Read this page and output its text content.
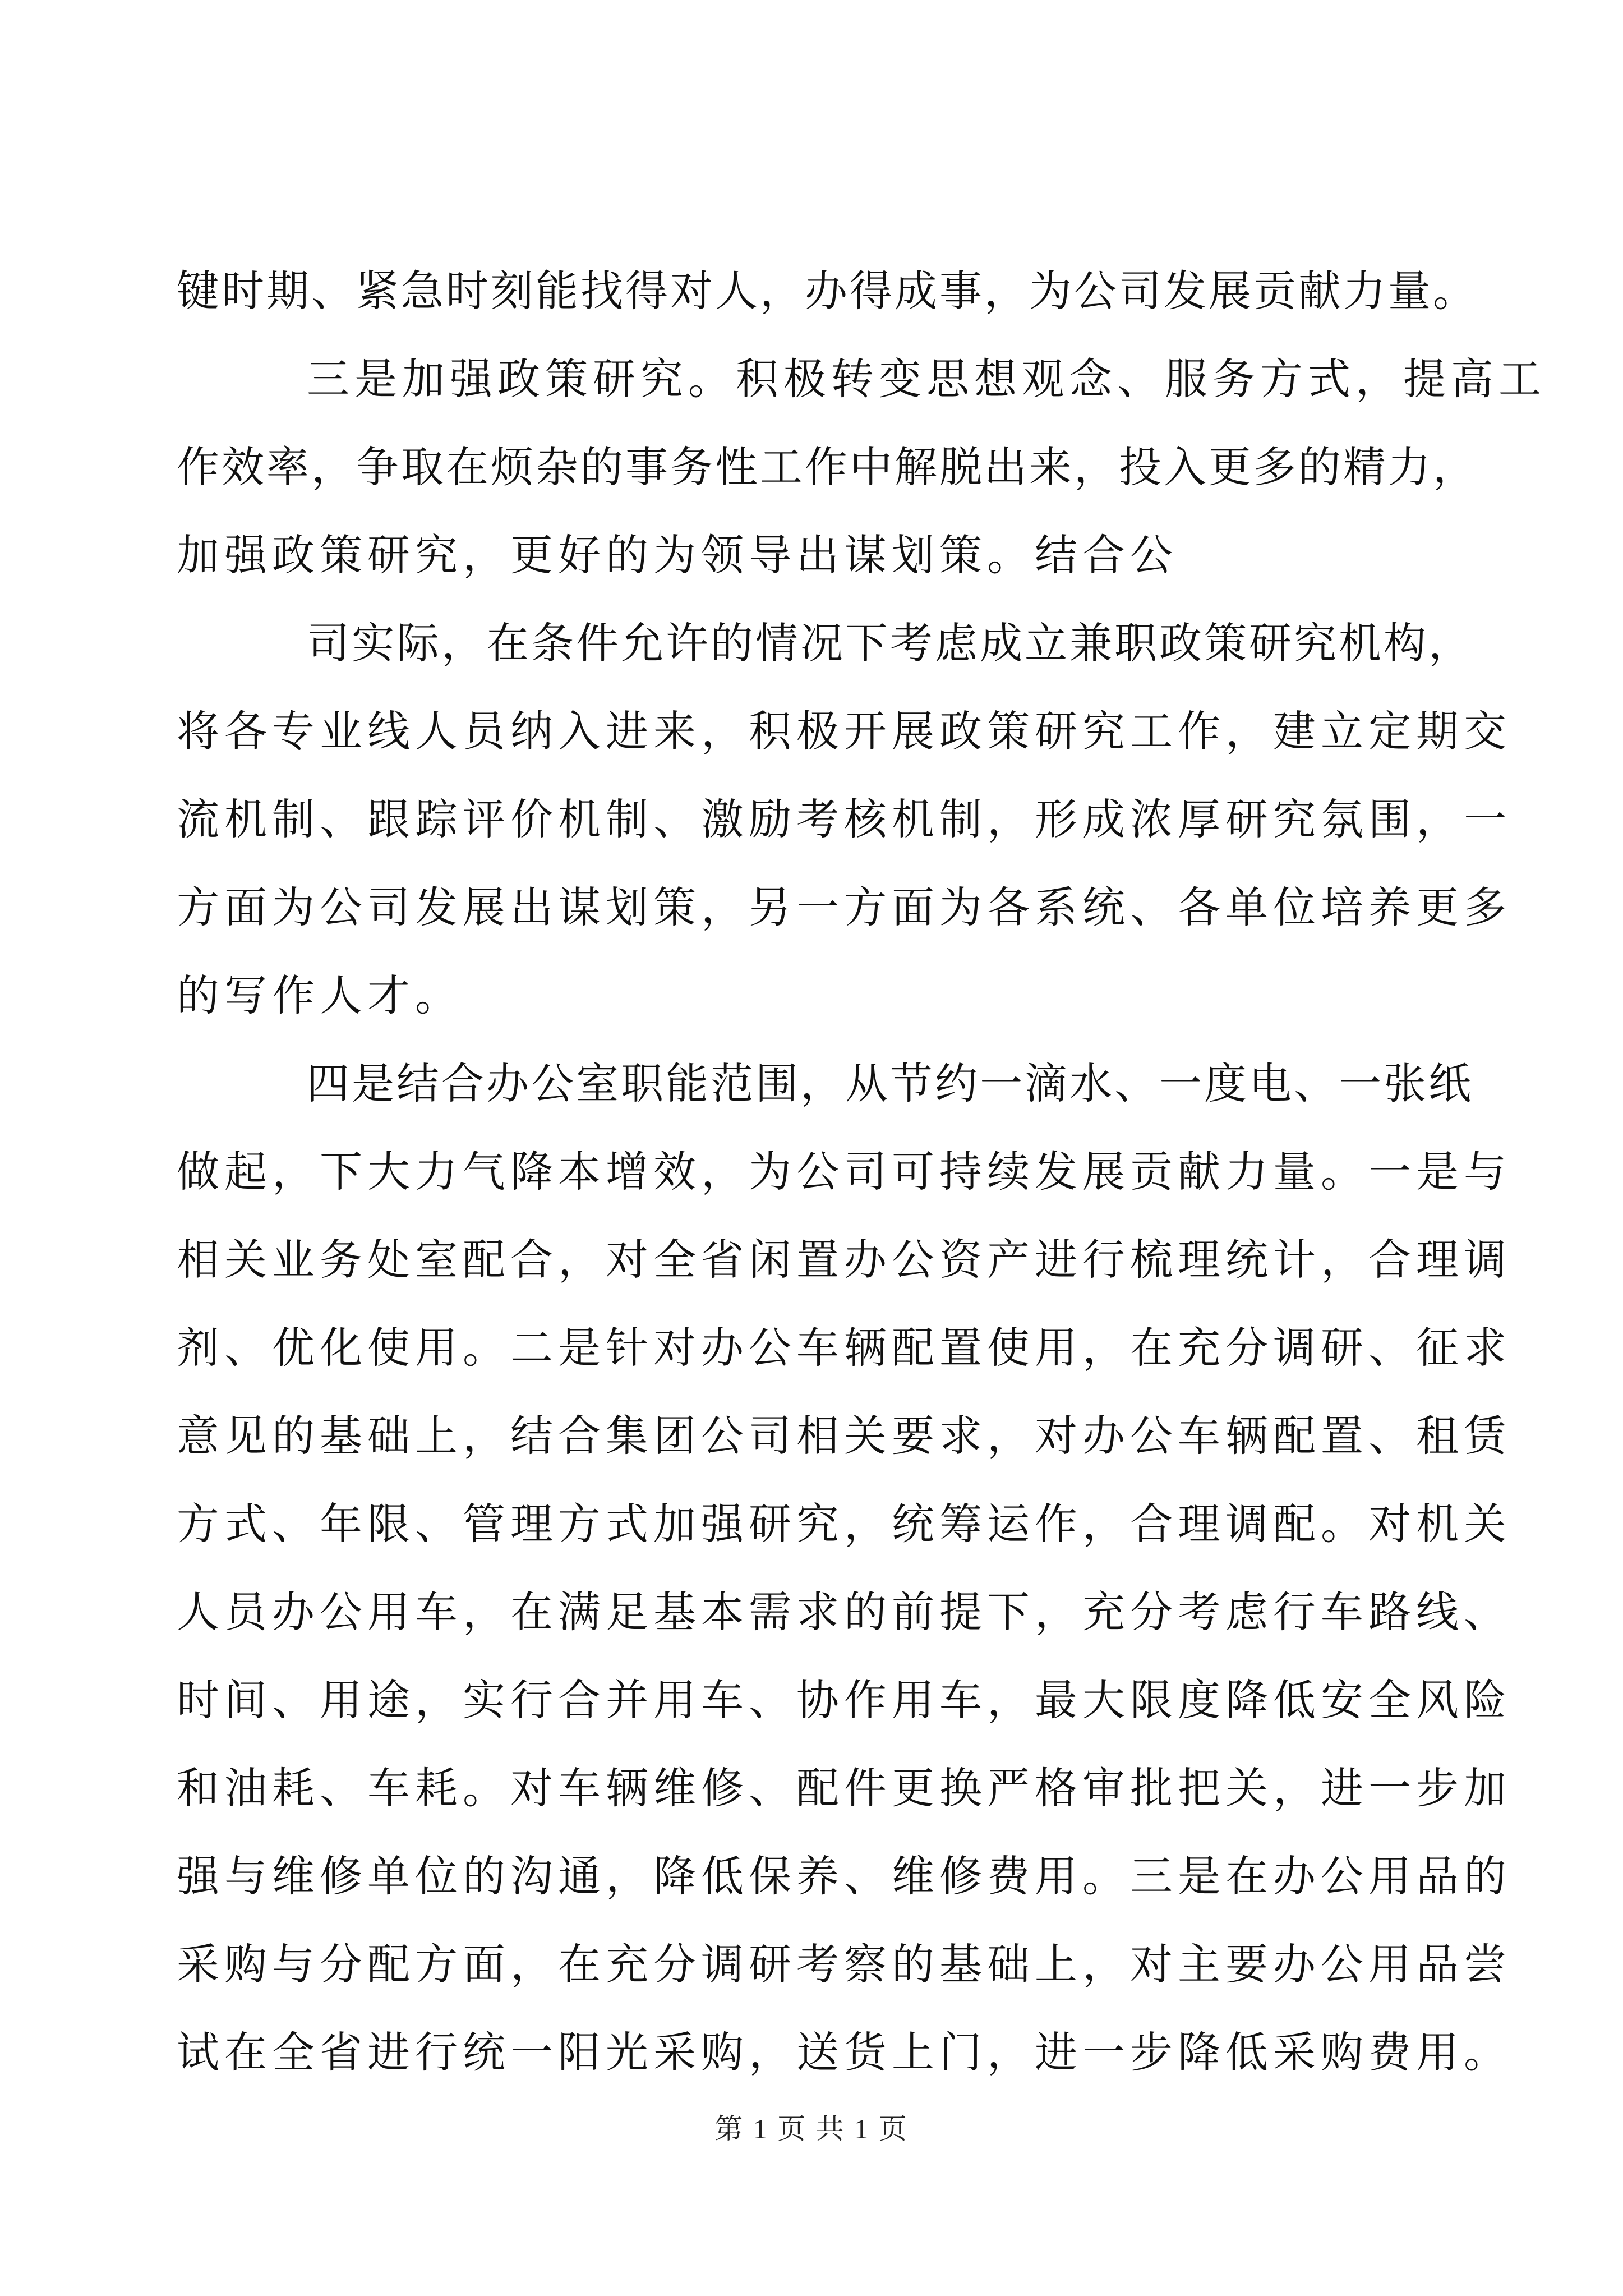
键时期、紧急时刻能找得对人，办得成事，为公司发展贡献力量。
三是加强政策研究。积极转变思想观念、服务方式，提高工
作效率，争取在烦杂的事务性工作中解脱出来，投入更多的精力，
加强政策研究，更好的为领导出谋划策。结合公
司实际，在条件允许的情况下考虑成立兼职政策研究机构，
将各专业线人员纳入进来，积极开展政策研究工作，建立定期交
流机制、跟踪评价机制、激励考核机制，形成浓厚研究氛围，一
方面为公司发展出谋划策，另一方面为各系统、各单位培养更多
的写作人才。
四是结合办公室职能范围，从节约一滴水、一度电、一张纸
做起，下大力气降本增效，为公司可持续发展贡献力量。一是与
相关业务处室配合，对全省闲置办公资产进行梳理统计，合理调
剂、优化使用。二是针对办公车辆配置使用，在充分调研、征求
意见的基础上，结合集团公司相关要求，对办公车辆配置、租赁
方式、年限、管理方式加强研究，统筹运作，合理调配。对机关
人员办公用车，在满足基本需求的前提下，充分考虑行车路线、
时间、用途，实行合并用车、协作用车，最大限度降低安全风险
和油耗、车耗。对车辆维修、配件更换严格审批把关，进一步加
强与维修单位的沟通，降低保养、维修费用。三是在办公用品的
采购与分配方面，在充分调研考察的基础上，对主要办公用品尝
试在全省进行统一阳光采购，送货上门，进一步降低采购费用。
第 1 页 共 1 页
